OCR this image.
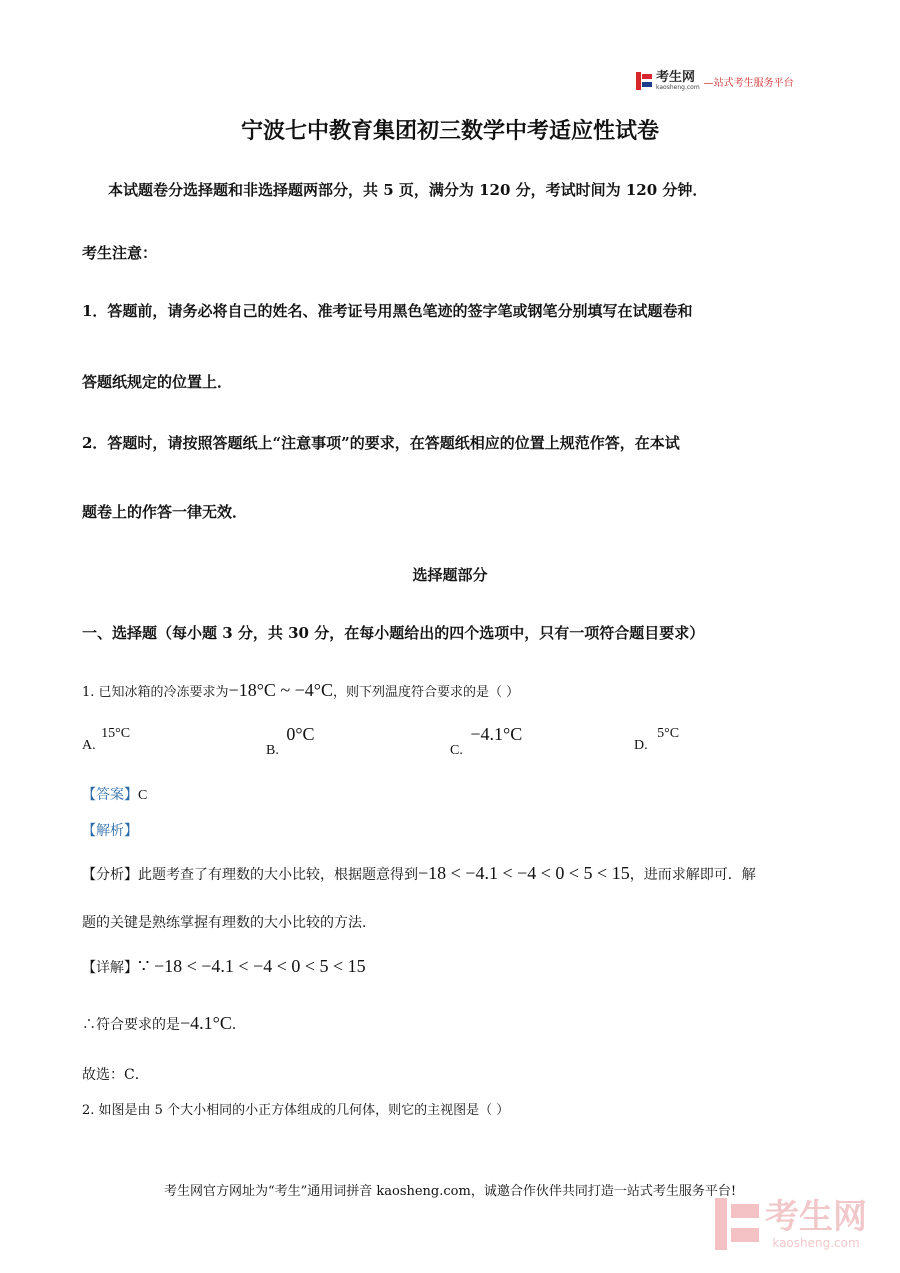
考生网
kaosheng.com —站式考生服务平台
宁波七中教育集团初三数学中考适应性试卷
本试题卷分选择题和非选择题两部分，共 5 页，满分为 120 分，考试时间为 120 分钟．
考生注意：
1．答题前，请务必将自己的姓名、准考证号用黑色笔迹的签字笔或钢笔分别填写在试题卷和
答题纸规定的位置上．
2．答题时，请按照答题纸上“注意事项”的要求，在答题纸相应的位置上规范作答，在本试
题卷上的作答一律无效．
选择题部分
一、选择题（每小题 3 分，共 30 分，在每小题给出的四个选项中，只有一项符合题目要求）
1. 已知冰箱的冷冻要求为−18°C ~ −4°C，则下列温度符合要求的是（ ）
A. 15°C
B. 0°C
C. −4.1°C
D. 5°C
【答案】C
【解析】
【分析】此题考查了有理数的大小比较，根据题意得到−18 < −4.1 < −4 < 0 < 5 < 15，进而求解即可．解
题的关键是熟练掌握有理数的大小比较的方法．
【详解】∵ −18 < −4.1 < −4 < 0 < 5 < 15
∴符合要求的是−4.1°C．
故选：C．
2. 如图是由 5 个大小相同的小正方体组成的几何体，则它的主视图是（ ）
考生网官方网址为“考生”通用词拼音 kaosheng.com，诚邀合作伙伴共同打造一站式考生服务平台!
考生网
kaosheng.com
